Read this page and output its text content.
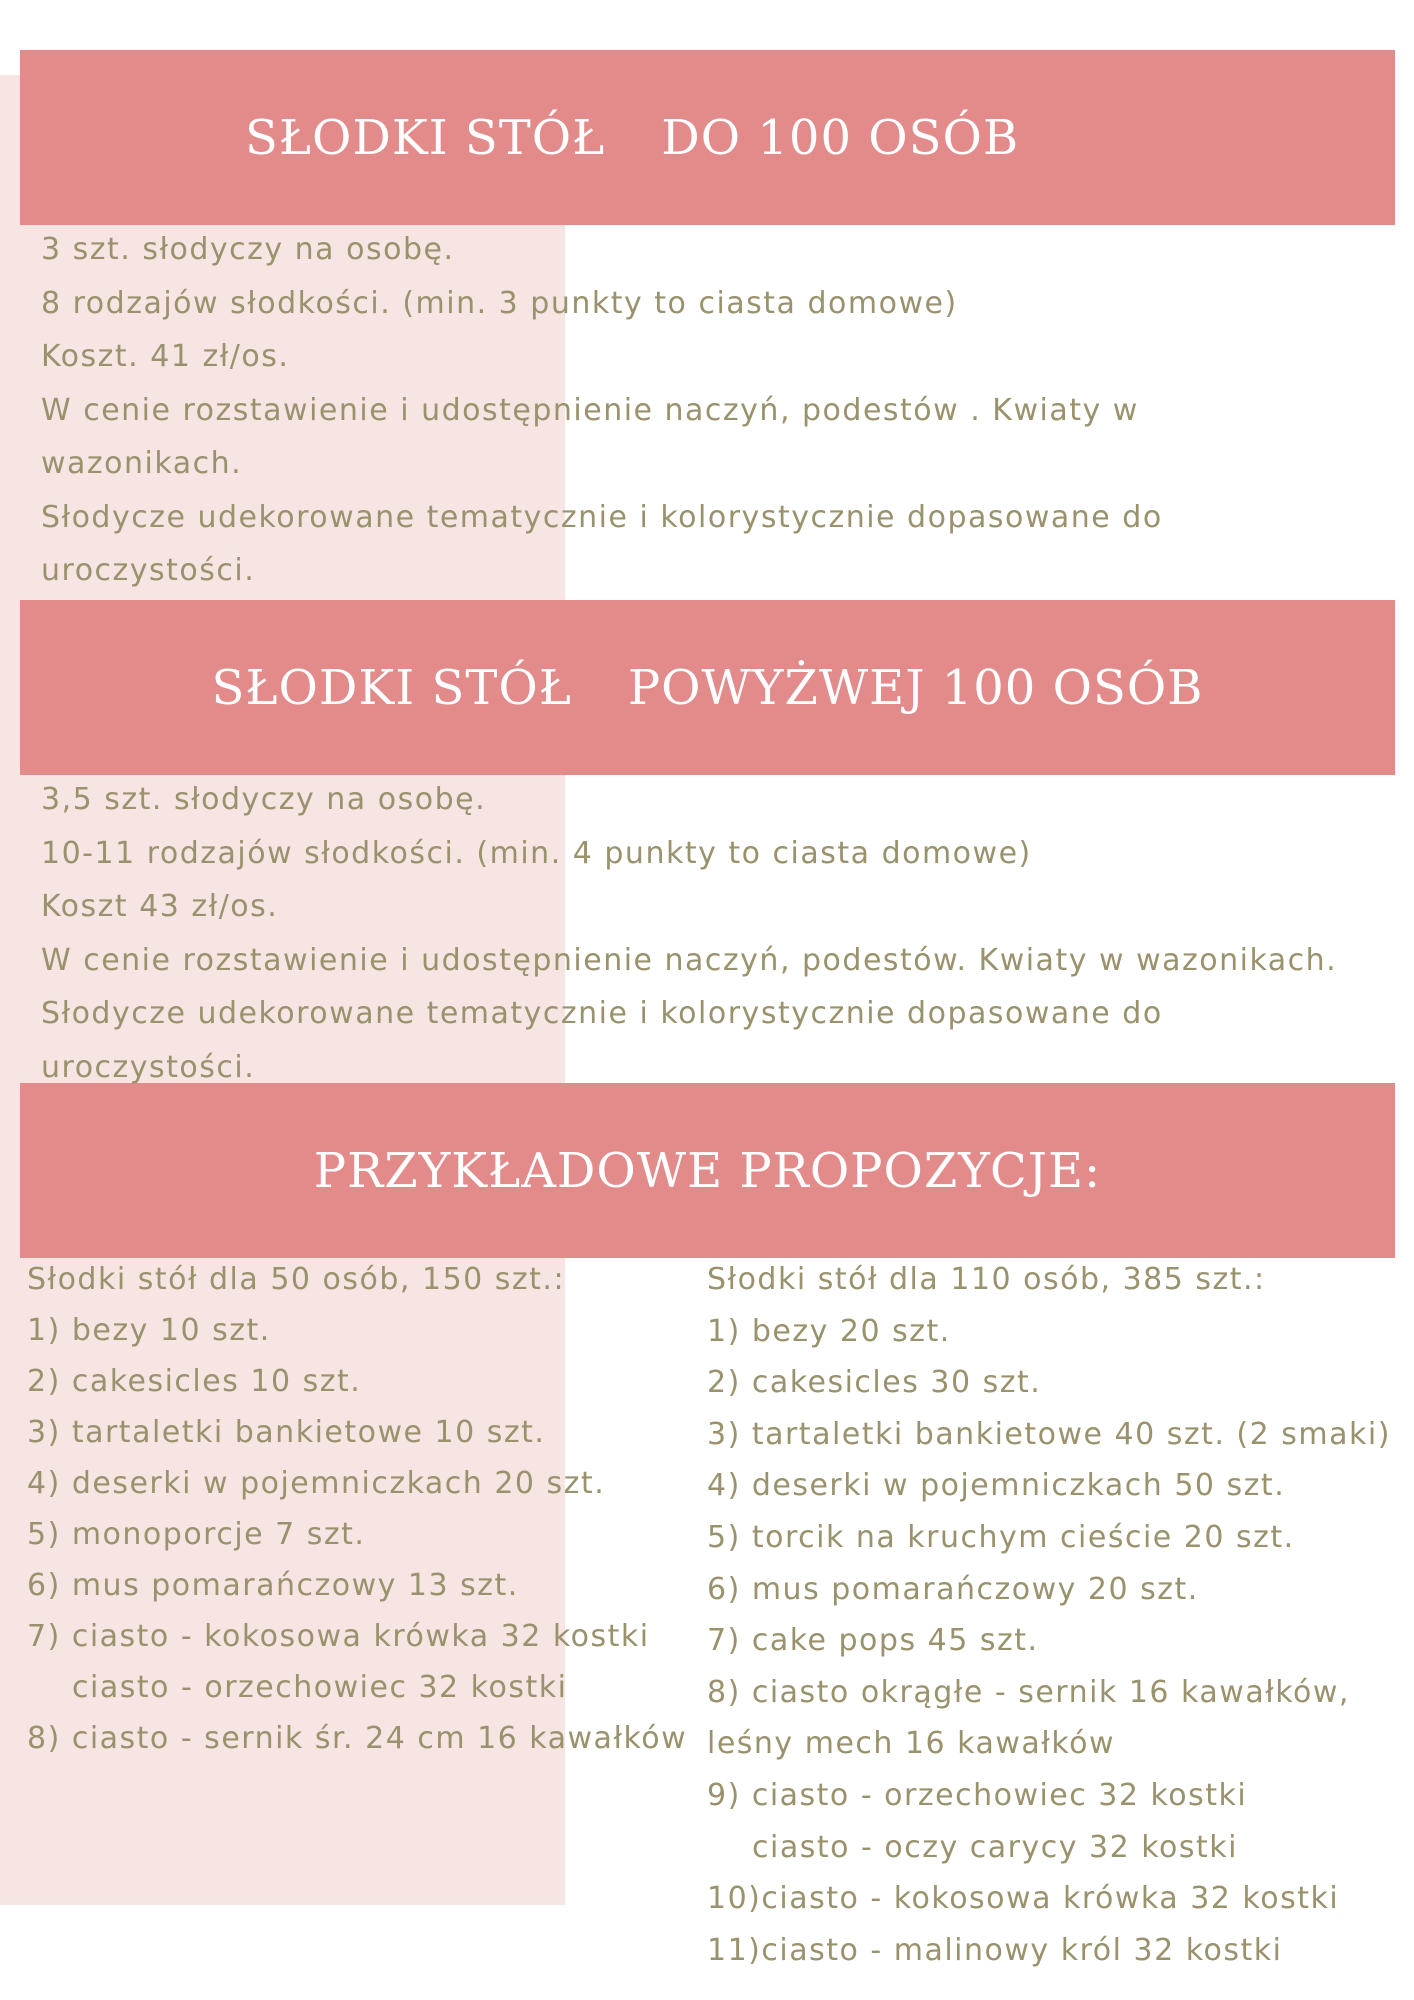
SŁODKI STÓŁ DO 100 OSÓB

3 szt. słodyczy na osobę.

8 rodzajów słodkości. (min. 3 punkty to ciasta domowe)

Koszt. 41 zł/os.

W cenie rozstawienie i udostępnienie naczyń, podestów . Kwiaty w

wazonikach.

Słodycze udekorowane tematycznie i kolorystycznie dopasowane do

uroczystości.

SŁODKI STÓŁ POWYŻWEJ 100 OSÓB

3,5 szt. słodyczy na osobę.

10-11 rodzajów słodkości. (min. 4 punkty to ciasta domowe)

Koszt 43 zł/os.

W cenie rozstawienie i udostępnienie naczyń, podestów. Kwiaty w wazonikach.

Słodycze udekorowane tematycznie i kolorystycznie dopasowane do

uroczystości.

PRZYKŁADOWE PROPOZYCJE:

Słodki stół dla 50 osób, 150 szt.:

1) bezy 10 szt.

2) cakesicles 10 szt.

3) tartaletki bankietowe 10 szt.

4) deserki w pojemniczkach 20 szt.

5) monoporcje 7 szt.

6) mus pomarańczowy 13 szt.

7) ciasto - kokosowa krówka 32 kostki

ciasto - orzechowiec 32 kostki

8) ciasto - sernik śr. 24 cm 16 kawałków

Słodki stół dla 110 osób, 385 szt.:

1) bezy 20 szt.

2) cakesicles 30 szt.

3) tartaletki bankietowe 40 szt. (2 smaki)

4) deserki w pojemniczkach 50 szt.

5) torcik na kruchym cieście 20 szt.

6) mus pomarańczowy 20 szt.

7) cake pops 45 szt.

8) ciasto okrągłe - sernik 16 kawałków,

leśny mech 16 kawałków

9) ciasto - orzechowiec 32 kostki

ciasto - oczy carycy 32 kostki

10)ciasto - kokosowa krówka 32 kostki

11)ciasto - malinowy król 32 kostki
